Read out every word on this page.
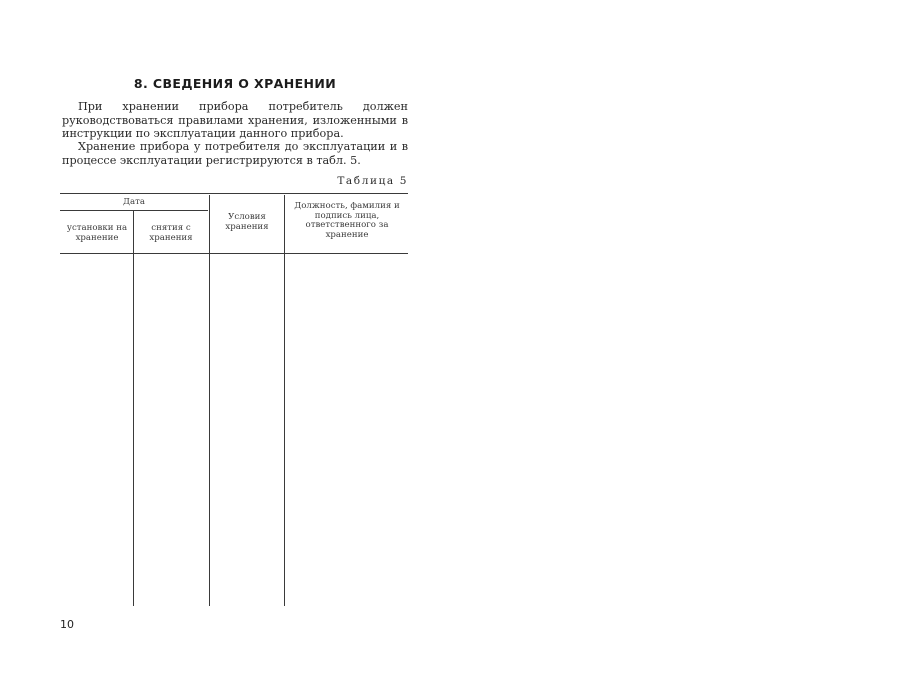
8. СВЕДЕНИЯ О ХРАНЕНИИ
При хранении прибора потребитель должен руководствоваться правилами хранения, изложенными в инструкции по эксплуатации данного прибора.
Хранение прибора у потребителя до эксплуатации и в процессе эксплуатации регистрируются в табл. 5.
Таблица 5
Дата
установки на хранение
снятия с хранения
Условия хранения
Должность, фамилия и подпись лица, ответственного за хранение
10
